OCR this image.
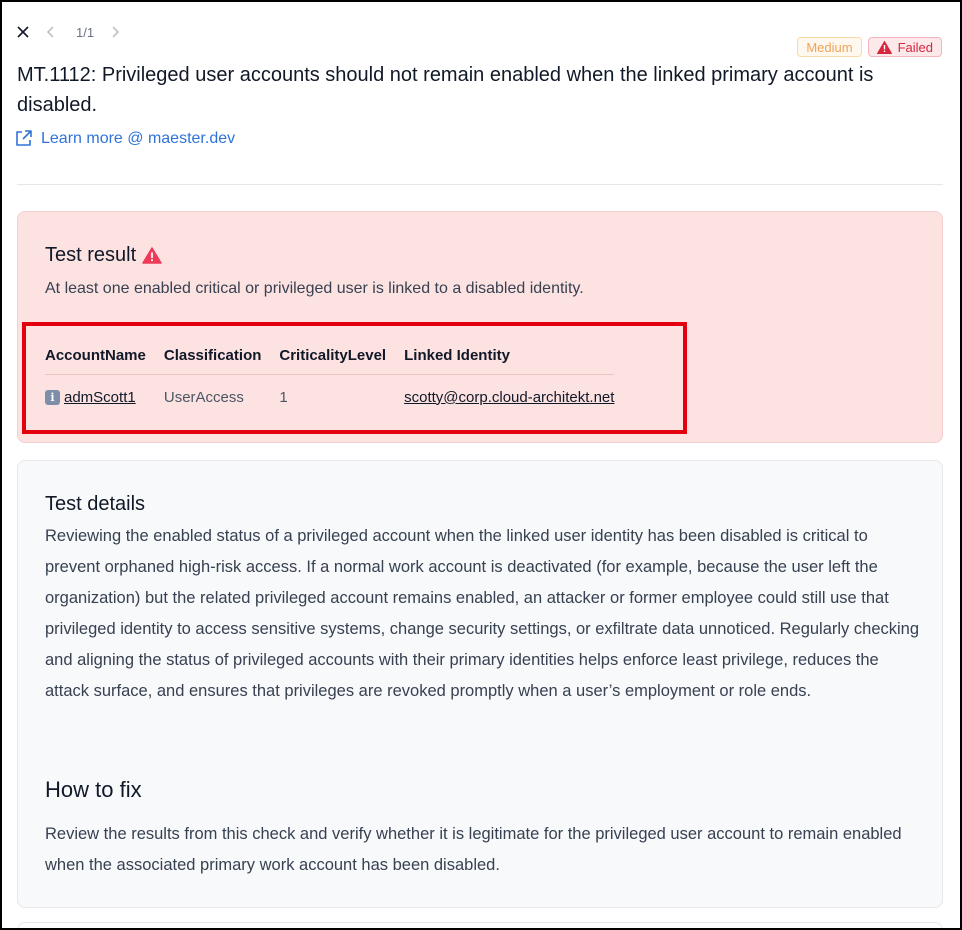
1/1
Medium	Failed
MT.1112: Privileged user accounts should not remain enabled when the linked primary account is disabled.
Learn more @ maester.dev
Test result
At least one enabled critical or privileged user is linked to a disabled identity.
AccountName	Classification	CriticalityLevel	Linked Identity

i admScott1	UserAccess	1	scotty@corp.cloud-architekt.net
Test details

Reviewing the enabled status of a privileged account when the linked user identity has been disabled is critical to prevent orphaned high-risk access. If a normal work account is deactivated (for example, because the user left the organization) but the related privileged account remains enabled, an attacker or former employee could still use that privileged identity to access sensitive systems, change security settings, or exfiltrate data unnoticed. Regularly checking and aligning the status of privileged accounts with their primary identities helps enforce least privilege, reduces the attack surface, and ensures that privileges are revoked promptly when a user’s employment or role ends.

How to fix

Review the results from this check and verify whether it is legitimate for the privileged user account to remain enabled when the associated primary work account has been disabled.
